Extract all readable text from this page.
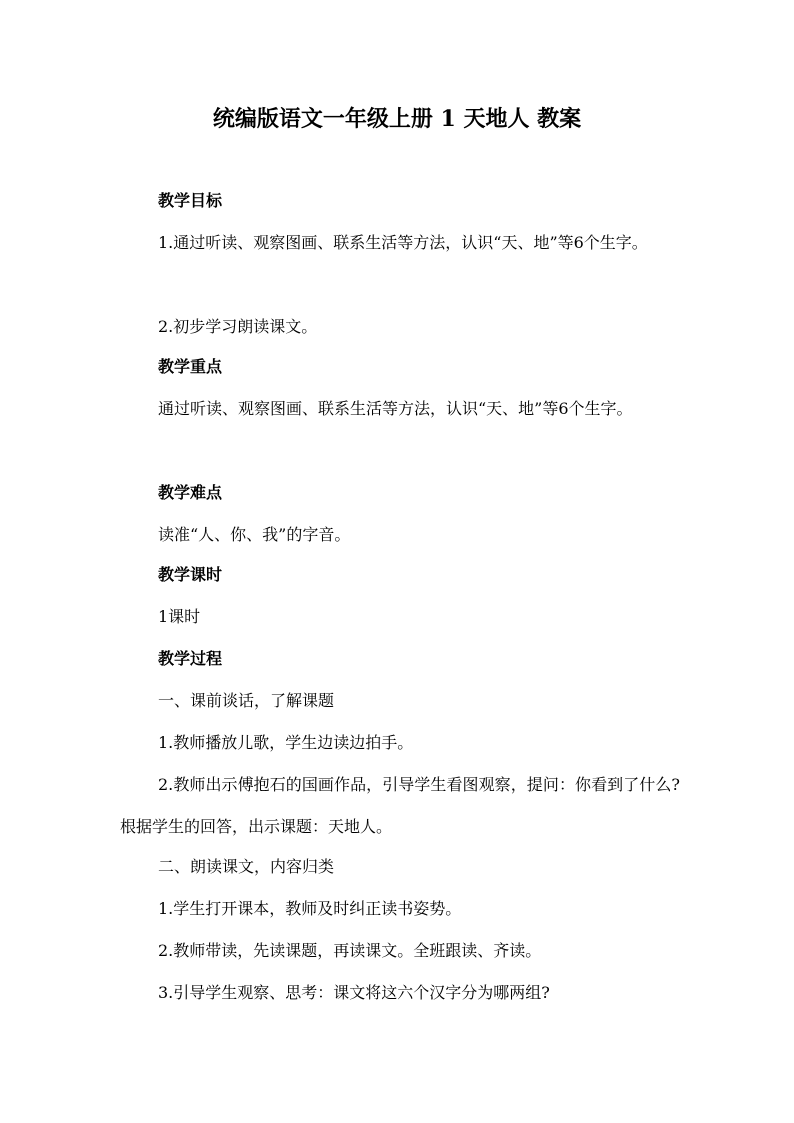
统编版语文一年级上册 1 天地人 教案
教学目标
1.通过听读、观察图画、联系生活等方法，认识“天、地”等6个生字。
2.初步学习朗读课文。
教学重点
通过听读、观察图画、联系生活等方法，认识“天、地”等6个生字。
教学难点
读准“人、你、我”的字音。
教学课时
1课时
教学过程
一、课前谈话，了解课题
1.教师播放儿歌，学生边读边拍手。
2.教师出示傅抱石的国画作品，引导学生看图观察，提问：你看到了什么?根据学生的回答，出示课题：天地人。
二、朗读课文，内容归类
1.学生打开课本，教师及时纠正读书姿势。
2.教师带读，先读课题，再读课文。全班跟读、齐读。
3.引导学生观察、思考：课文将这六个汉字分为哪两组?
